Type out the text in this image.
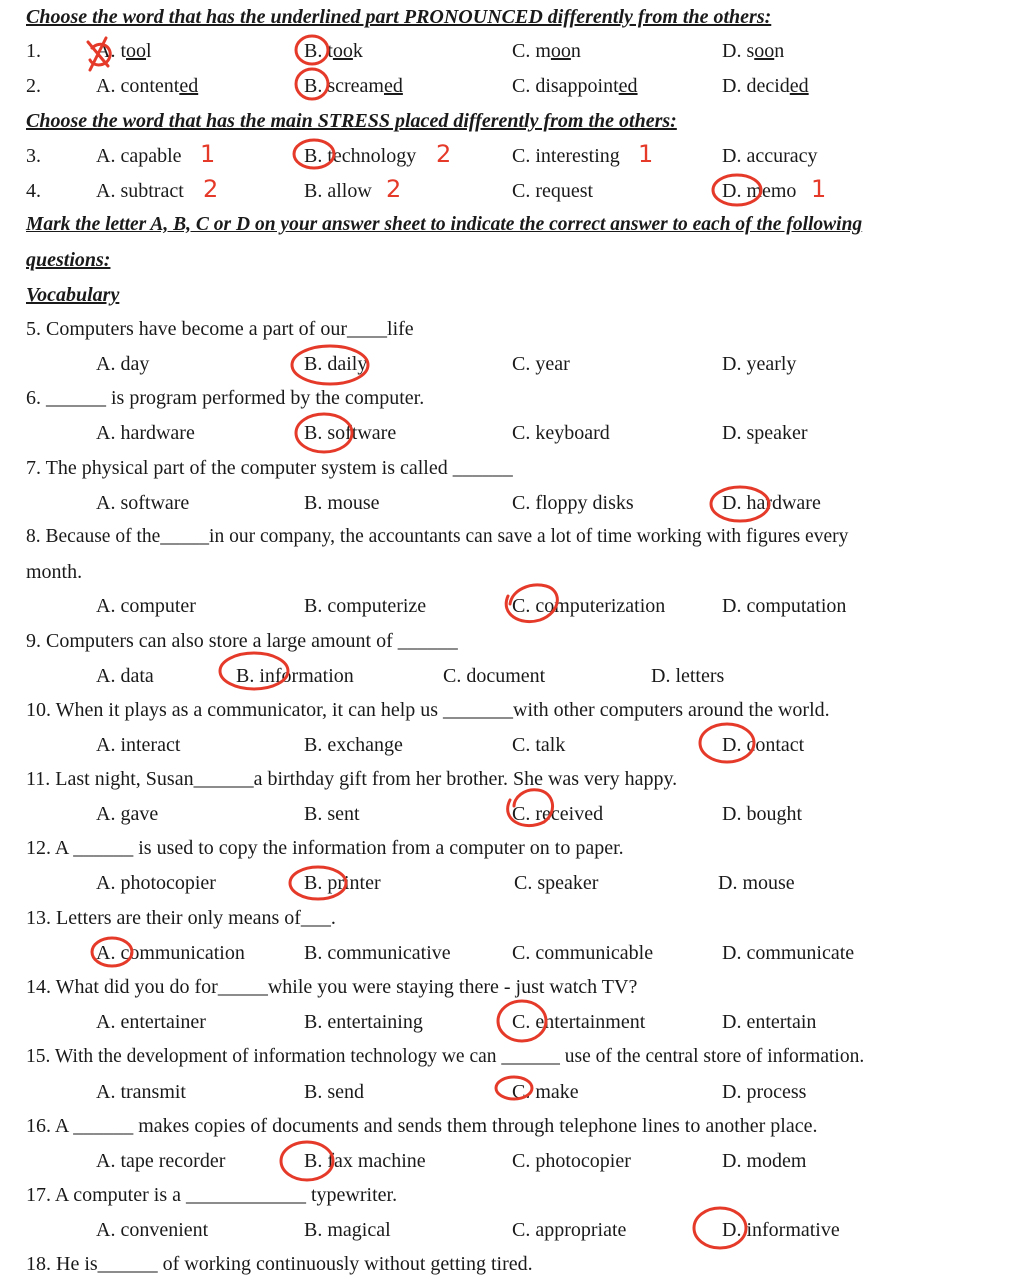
Choose the word that has the underlined part PRONOUNCED differently from the others:
1.	A. tool	B. took	C. moon	D. soon
2.	A. contented	B. screamed	C. disappointed	D. decided
Choose the word that has the main STRESS placed differently from the others:
3.	A. capable	B. technology	C. interesting	D. accuracy
4.	A. subtract	B. allow	C. request	D. memo
Mark the letter A, B, C or D on your answer sheet to indicate the correct answer to each of the following
questions:
Vocabulary
5. Computers have become a part of our____life
A. day	B. daily	C. year	D. yearly
6. ______ is program performed by the computer.
A. hardware	B. software	C. keyboard	D. speaker
7. The physical part of the computer system is called ______
A. software	B. mouse	C. floppy disks	D. hardware
8. Because of the_____in our company, the accountants can save a lot of time working with figures every
month.
A. computer	B. computerize	C. computerization	D. computation
9. Computers can also store a large amount of ______
A. data	B. information	C. document	D. letters
10. When it plays as a communicator, it can help us _______with other computers around the world.
A. interact	B. exchange	C. talk	D. contact
11. Last night, Susan______a birthday gift from her brother. She was very happy.
A. gave	B. sent	C. received	D. bought
12. A ______ is used to copy the information from a computer on to paper.
A. photocopier	B. printer	C. speaker	D. mouse
13. Letters are their only means of___.
A. communication	B. communicative	C. communicable	D. communicate
14. What did you do for_____while you were staying there - just watch TV?
A. entertainer	B. entertaining	C. entertainment	D. entertain
15. With the development of information technology we can ______ use of the central store of information.
A. transmit	B. send	C. make	D. process
16. A ______ makes copies of documents and sends them through telephone lines to another place.
A. tape recorder	B. fax machine	C. photocopier	D. modem
17. A computer is a ____________ typewriter.
A. convenient	B. magical	C. appropriate	D. informative
18. He is______ of working continuously without getting tired.
1	2	1
2	2	1
